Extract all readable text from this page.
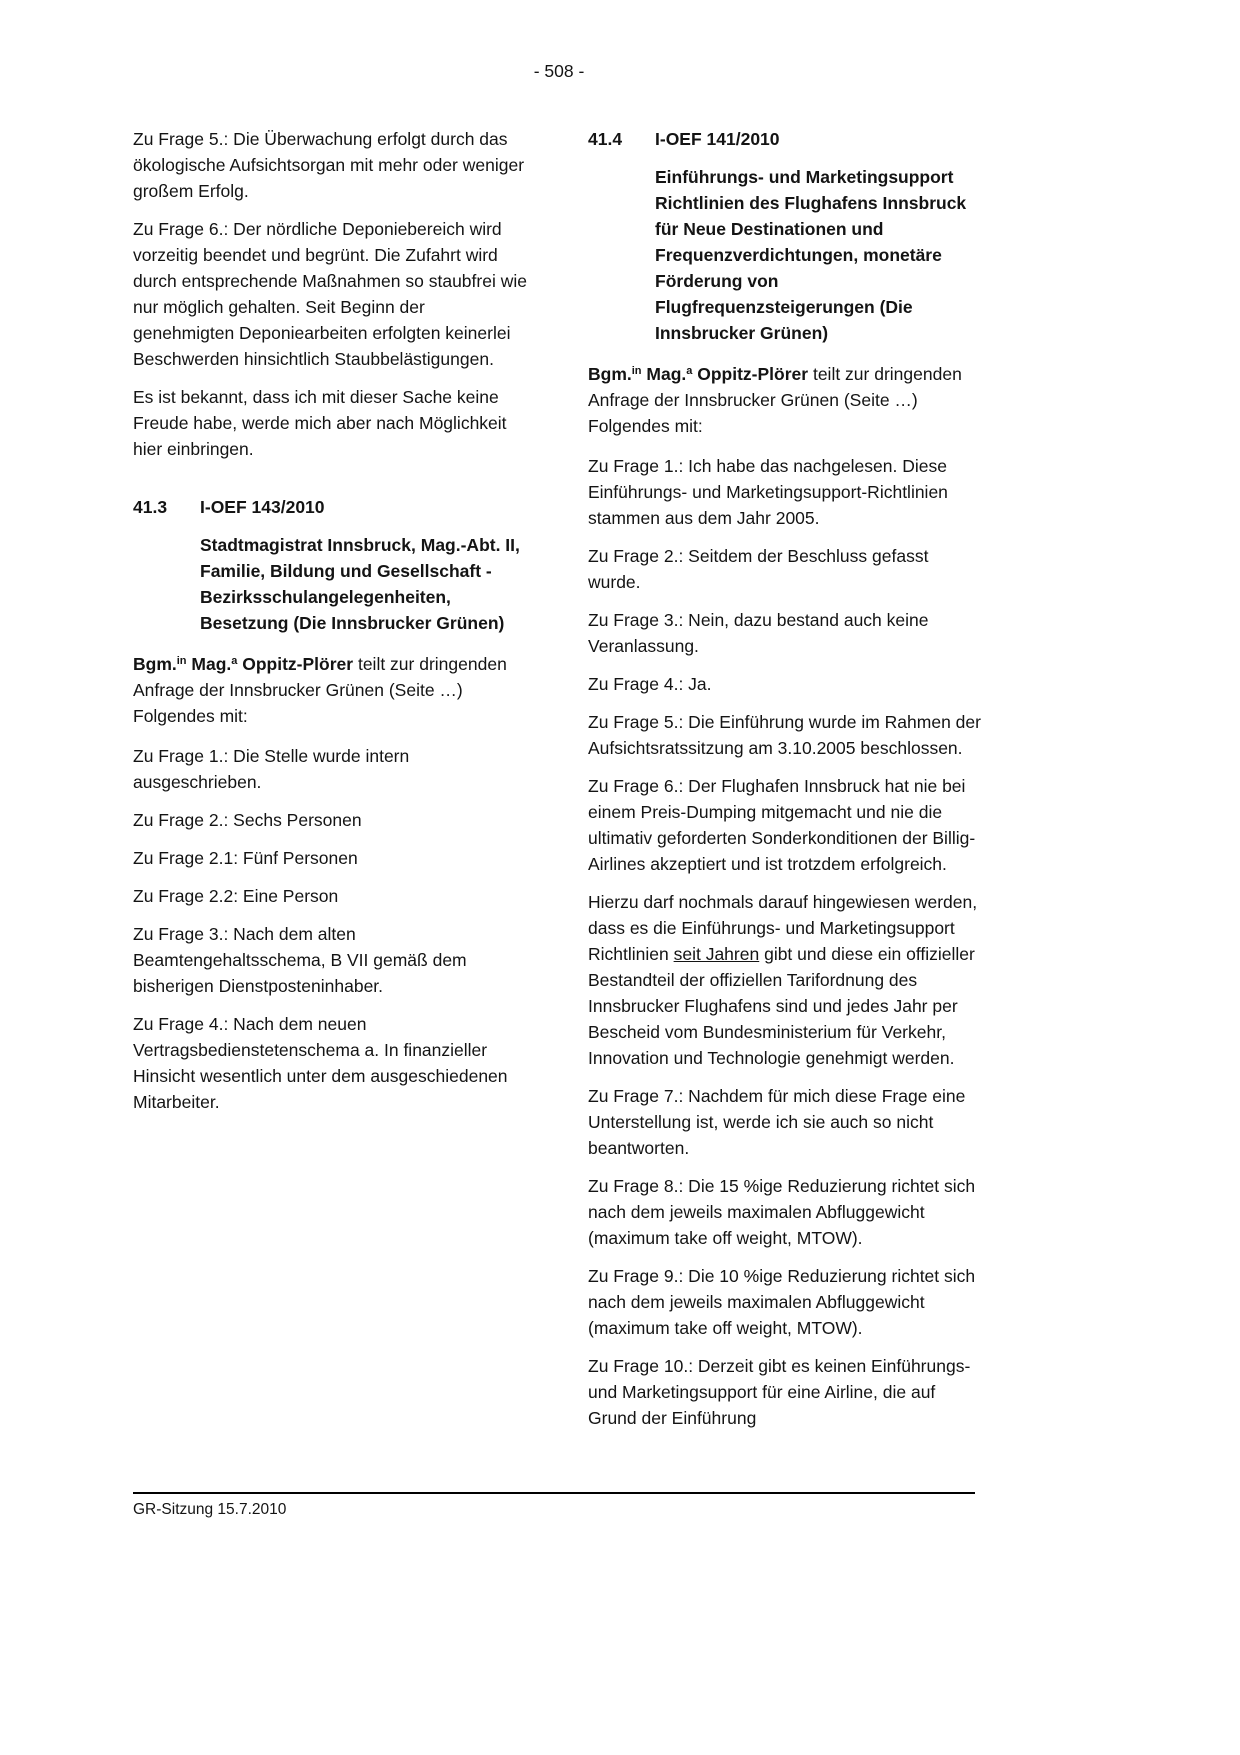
- 508 -

Zu Frage 5.: Die Überwachung erfolgt durch das ökologische Aufsichtsorgan mit mehr oder weniger großem Erfolg.

Zu Frage 6.: Der nördliche Deponiebereich wird vorzeitig beendet und begrünt. Die Zufahrt wird durch entsprechende Maßnahmen so staubfrei wie nur möglich gehalten. Seit Beginn der genehmigten Deponiearbeiten erfolgten keinerlei Beschwerden hinsichtlich Staubbelästigungen.

Es ist bekannt, dass ich mit dieser Sache keine Freude habe, werde mich aber nach Möglichkeit hier einbringen.

41.3	I-OEF 143/2010

Stadtmagistrat Innsbruck, Mag.-Abt. II, Familie, Bildung und Gesellschaft - Bezirksschulangelegenheiten, Besetzung (Die Innsbrucker Grünen)

Bgm.$^{in}$ Mag.$^a$ Oppitz-Plörer teilt zur dringenden Anfrage der Innsbrucker Grünen (Seite …) Folgendes mit:

Zu Frage 1.: Die Stelle wurde intern ausgeschrieben.

Zu Frage 2.: Sechs Personen

Zu Frage 2.1: Fünf Personen

Zu Frage 2.2: Eine Person

Zu Frage 3.: Nach dem alten Beamtengehaltsschema, B VII gemäß dem bisherigen Dienstposteninhaber.

Zu Frage 4.: Nach dem neuen Vertragsbedienstetenschema a. In finanzieller Hinsicht wesentlich unter dem ausgeschiedenen Mitarbeiter.

41.4	I-OEF 141/2010

Einführungs- und Marketingsupport Richtlinien des Flughafens Innsbruck für Neue Destinationen und Frequenzverdichtungen, monetäre Förderung von Flugfrequenzsteigerungen (Die Innsbrucker Grünen)

Bgm.$^{in}$ Mag.$^a$ Oppitz-Plörer teilt zur dringenden Anfrage der Innsbrucker Grünen (Seite …) Folgendes mit:

Zu Frage 1.: Ich habe das nachgelesen. Diese Einführungs- und Marketingsupport-Richtlinien stammen aus dem Jahr 2005.

Zu Frage 2.: Seitdem der Beschluss gefasst wurde.

Zu Frage 3.: Nein, dazu bestand auch keine Veranlassung.

Zu Frage 4.: Ja.

Zu Frage 5.: Die Einführung wurde im Rahmen der Aufsichtsratssitzung am 3.10.2005 beschlossen.

Zu Frage 6.: Der Flughafen Innsbruck hat nie bei einem Preis-Dumping mitgemacht und nie die ultimativ geforderten Sonderkonditionen der Billig-Airlines akzeptiert und ist trotzdem erfolgreich.

Hierzu darf nochmals darauf hingewiesen werden, dass es die Einführungs- und Marketingsupport Richtlinien seit Jahren gibt und diese ein offizieller Bestandteil der offiziellen Tarifordnung des Innsbrucker Flughafens sind und jedes Jahr per Bescheid vom Bundesministerium für Verkehr, Innovation und Technologie genehmigt werden.

Zu Frage 7.: Nachdem für mich diese Frage eine Unterstellung ist, werde ich sie auch so nicht beantworten.

Zu Frage 8.: Die 15 %ige Reduzierung richtet sich nach dem jeweils maximalen Abfluggewicht (maximum take off weight, MTOW).

Zu Frage 9.: Die 10 %ige Reduzierung richtet sich nach dem jeweils maximalen Abfluggewicht (maximum take off weight, MTOW).

Zu Frage 10.: Derzeit gibt es keinen Einführungs- und Marketingsupport für eine Airline, die auf Grund der Einführung

GR-Sitzung 15.7.2010
